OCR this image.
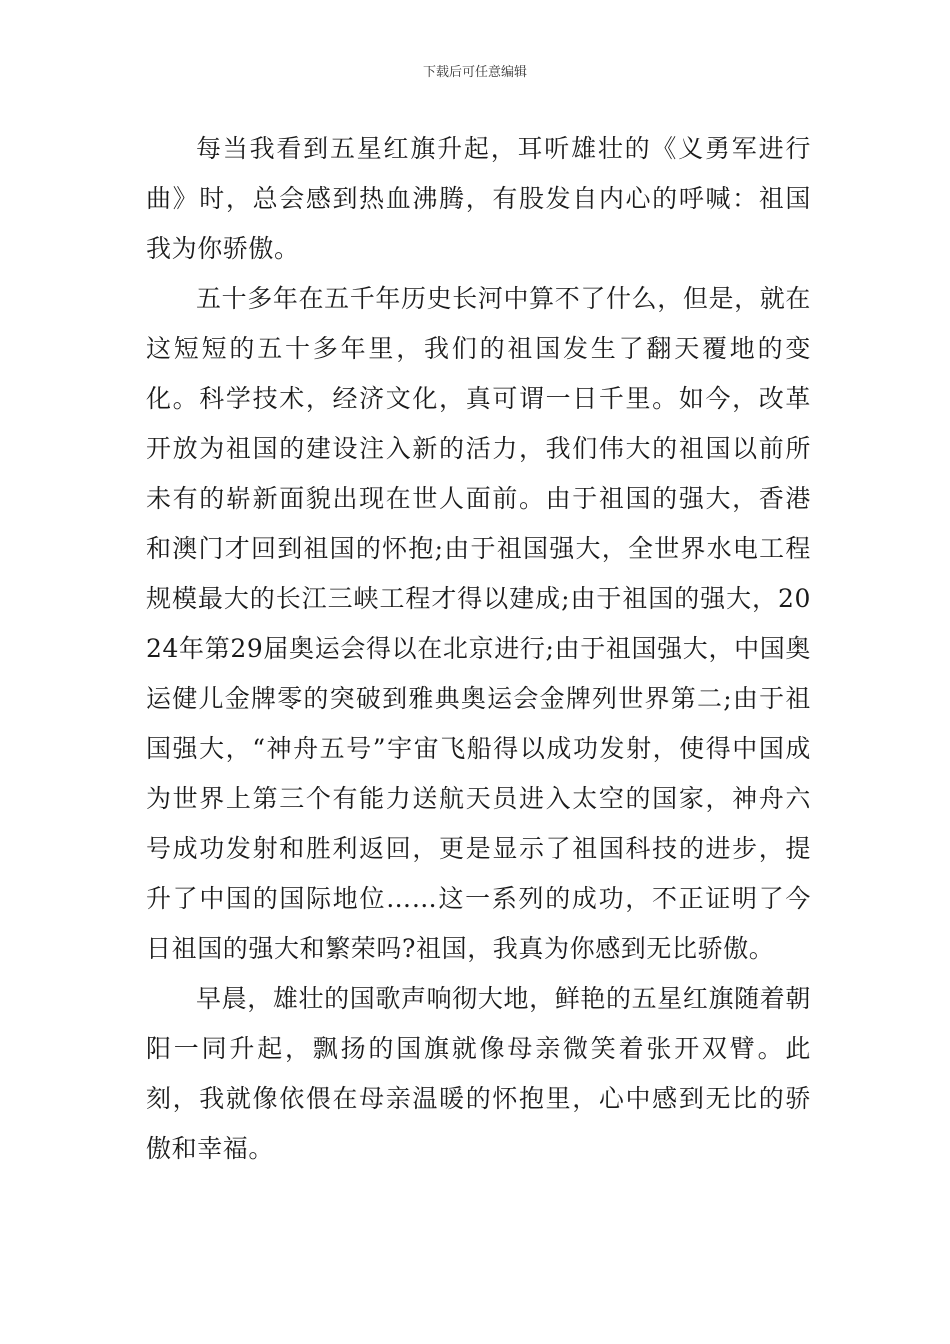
下载后可任意编辑

每当我看到五星红旗升起，耳听雄壮的《义勇军进行曲》时，总会感到热血沸腾，有股发自内心的呼喊：祖国我为你骄傲。

五十多年在五千年历史长河中算不了什么，但是，就在这短短的五十多年里，我们的祖国发生了翻天覆地的变化。科学技术，经济文化，真可谓一日千里。如今，改革开放为祖国的建设注入新的活力，我们伟大的祖国以前所未有的崭新面貌出现在世人面前。由于祖国的强大，香港和澳门才回到祖国的怀抱;由于祖国强大，全世界水电工程规模最大的长江三峡工程才得以建成;由于祖国的强大，2024年第29届奥运会得以在北京进行;由于祖国强大，中国奥运健儿金牌零的突破到雅典奥运会金牌列世界第二;由于祖国强大，“神舟五号”宇宙飞船得以成功发射，使得中国成为世界上第三个有能力送航天员进入太空的国家，神舟六号成功发射和胜利返回，更是显示了祖国科技的进步，提升了中国的国际地位……这一系列的成功，不正证明了今日祖国的强大和繁荣吗?祖国，我真为你感到无比骄傲。

早晨，雄壮的国歌声响彻大地，鲜艳的五星红旗随着朝阳一同升起，飘扬的国旗就像母亲微笑着张开双臂。此刻，我就像依偎在母亲温暖的怀抱里，心中感到无比的骄傲和幸福。
